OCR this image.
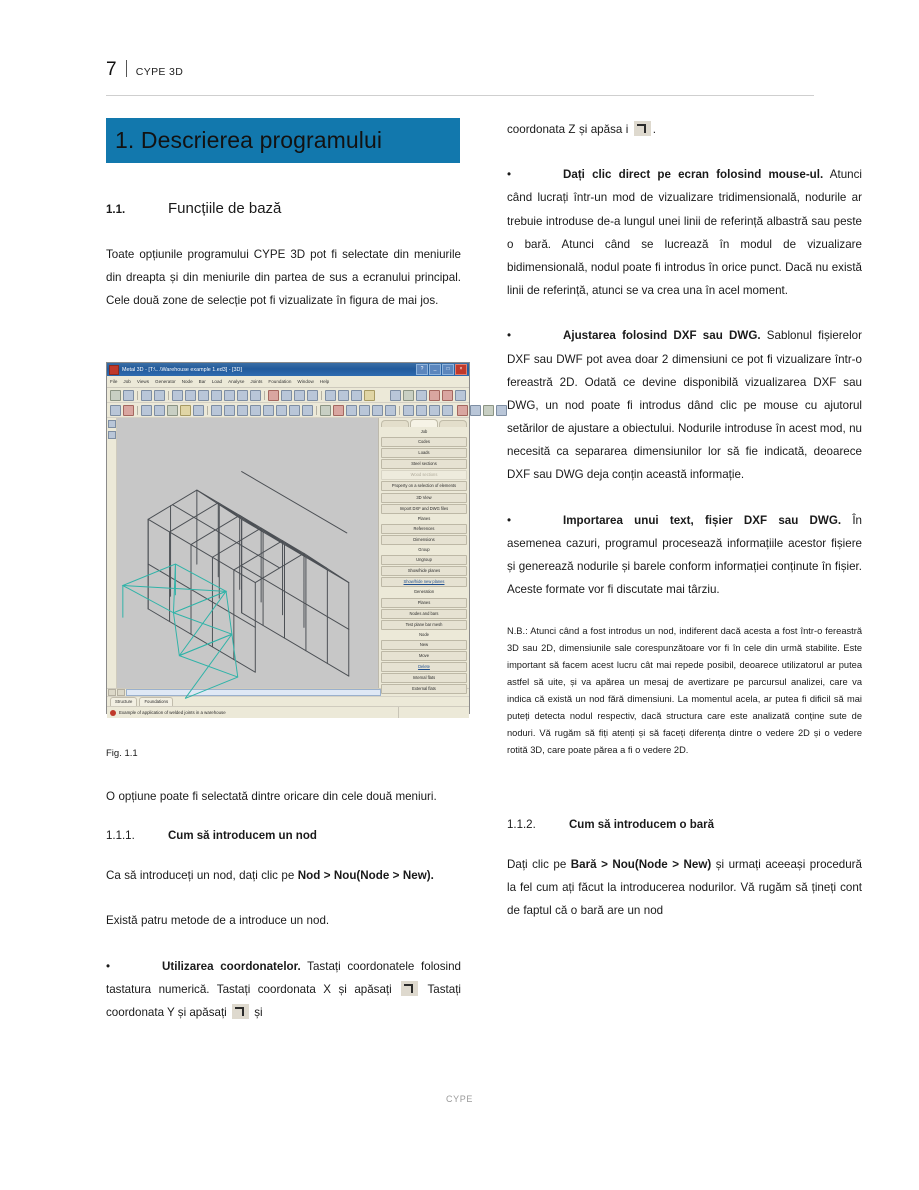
7 CYPE 3D
1. Descrierea programului
1.1.	Funcțiile de bază

Toate opțiunile programului CYPE 3D pot fi selectate din meniurile din dreapta și din meniurile din partea de sus a ecranului principal. Cele două zone de selecție pot fi vizualizate în figura de mai jos.

Metal 3D - [T:\...\Warehouse example 1.ed3] - [3D]	?	_	□	×
File Job Views Generator Node Bar Load Analyse Joints Foundation Window Help
Job
Codes
Loads
Steel sections
Wood sections
Property on a selection of elements
3D View
Import DXF and DWG files
Planes
References
Dimensions
Group
Ungroup
Show/hide planes
Show/hide new planes
Generation
Planes
Nodes and bars
Test plane bar mesh
Node
New
Move
Delete
Internal flats
External flats
Structure	Foundations
Example of application of welded joints in a warehouse
Fig. 1.1

O opțiune poate fi selectată dintre oricare din cele două meniuri.

1.1.1.	Cum să introducem un nod

Ca să introduceți un nod, dați clic pe Nod > Nou(Node > New).

Există patru metode de a introduce un nod.

•	Utilizarea coordonatelor. Tastați coordonatele folosind tastatura numerică. Tastați coordonata X și apăsați	Tastați coordonata Y și apăsați și

coordonata Z și apăsa i .

•	Dați clic direct pe ecran folosind mouse-ul. Atunci când lucrați într-un mod de vizualizare tridimensională, nodurile ar trebuie introduse de-a lungul unei linii de referință albastră sau peste o bară. Atunci când se lucrează în modul de vizualizare bidimensională, nodul poate fi introdus în orice punct. Dacă nu există linii de referință, atunci se va crea una în acel moment.

•	Ajustarea folosind DXF sau DWG. Sablonul fișierelor DXF sau DWF pot avea doar 2 dimensiuni ce pot fi vizualizare într-o fereastră 2D. Odată ce devine disponibilă vizualizarea DXF sau DWG, un nod poate fi introdus dând clic pe mouse cu ajutorul setărilor de ajustare a obiectului. Nodurile introduse în acest mod, nu necesită ca separarea dimensiunilor lor să fie indicată, deoarece DXF sau DWG deja conțin această informație.

•	Importarea unui text, fișier DXF sau DWG. În asemenea cazuri, programul procesează informațiile acestor fișiere și generează nodurile și barele conform informației conținute în fișier. Aceste formate vor fi discutate mai târziu.

N.B.: Atunci când a fost introdus un nod, indiferent dacă acesta a fost într-o fereastră 3D sau 2D, dimensiunile sale corespunzătoare vor fi în cele din urmă stabilite. Este important să facem acest lucru cât mai repede posibil, deoarece utilizatorul ar putea astfel să uite, și va apărea un mesaj de avertizare pe parcursul analizei, care va indica că există un nod fără dimensiuni. La momentul acela, ar putea fi dificil să mai puteți detecta nodul respectiv, dacă structura care este analizată conține sute de noduri. Vă rugăm să fiți atenți și să faceți diferența dintre o vedere 2D și o vedere rotită 3D, care poate părea a fi o vedere 2D.

1.1.2.	Cum să introducem o bară

Dați clic pe Bară > Nou(Node > New) și urmați aceeași procedură la fel cum ați făcut la introducerea nodurilor. Vă rugăm să țineți cont de faptul că o bară are un nod

CYPE
